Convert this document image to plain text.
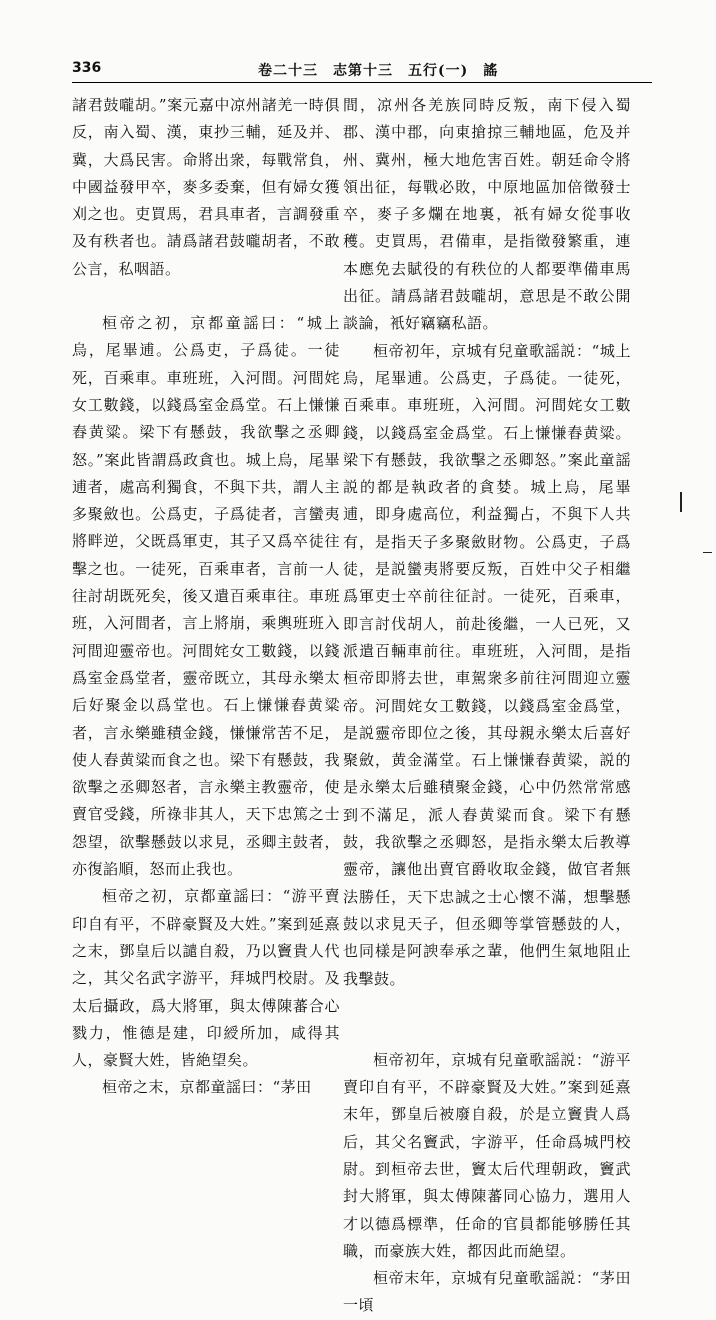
336	卷二十三　志第十三　五行(一)　謠

諸君鼓嚨胡。”案元嘉中凉州諸羌一時俱反，南入蜀、漢，東抄三輔，延及并、冀，大爲民害。命將出衆，每戰常負，中國益發甲卒，麥多委棄，但有婦女獲刈之也。吏買馬，君具車者，言調發重及有秩者也。請爲諸君鼓嚨胡者，不敢公言，私咽語。

桓帝之初，京都童謡曰：“城上烏，尾畢逋。公爲吏，子爲徒。一徒死，百乘車。車班班，入河間。河間姹女工數錢，以錢爲室金爲堂。石上慊慊舂黄粱。梁下有懸鼓，我欲擊之丞卿怒。”案此皆謂爲政貪也。城上烏，尾畢逋者，處高利獨食，不與下共，謂人主多聚斂也。公爲吏，子爲徒者，言蠻夷將畔逆，父既爲軍吏，其子又爲卒徒往擊之也。一徒死，百乘車者，言前一人往討胡既死矣，後又遣百乘車往。車班班，入河間者，言上將崩，乘輿班班入河間迎靈帝也。河間姹女工數錢，以錢爲室金爲堂者，靈帝既立，其母永樂太后好聚金以爲堂也。石上慊慊舂黄粱者，言永樂雖積金錢，慊慊常苦不足，使人舂黄粱而食之也。梁下有懸鼓，我欲擊之丞卿怒者，言永樂主教靈帝，使賣官受錢，所祿非其人，天下忠篤之士怨望，欲擊懸鼓以求見，丞卿主鼓者，亦復諂順，怒而止我也。

桓帝之初，京都童謡曰：“游平賣印自有平，不辟豪賢及大姓。”案到延熹之末，鄧皇后以譴自殺，乃以竇貴人代之，其父名武字游平，拜城門校尉。及太后攝政，爲大將軍，與太傅陳蕃合心戮力，惟德是建，印綬所加，咸得其人，豪賢大姓，皆絶望矣。

桓帝之末，京都童謡曰：“茅田

間，凉州各羌族同時反叛，南下侵入蜀郡、漢中郡，向東搶掠三輔地區，危及并州、冀州，極大地危害百姓。朝廷命令將領出征，每戰必敗，中原地區加倍徵發士卒，麥子多爛在地裏，祇有婦女從事收穫。吏買馬，君備車，是指徵發繁重，連本應免去賦役的有秩位的人都要準備車馬出征。請爲諸君鼓嚨胡，意思是不敢公開談論，衹好竊竊私語。

桓帝初年，京城有兒童歌謡説：“城上烏，尾畢逋。公爲吏，子爲徒。一徒死，百乘車。車班班，入河間。河間姹女工數錢，以錢爲室金爲堂。石上慊慊舂黄粱。梁下有懸鼓，我欲擊之丞卿怒。”案此童謡説的都是執政者的貪婪。城上烏，尾畢逋，即身處高位，利益獨占，不與下人共有，是指天子多聚斂財物。公爲吏，子爲徒，是説蠻夷將要反叛，百姓中父子相繼爲軍吏士卒前往征討。一徒死，百乘車，即言討伐胡人，前赴後繼，一人已死，又派遣百輛車前往。車班班，入河間，是指桓帝即將去世，車駕衆多前往河間迎立靈帝。河間姹女工數錢，以錢爲室金爲堂，是説靈帝即位之後，其母親永樂太后喜好聚斂，黄金滿堂。石上慊慊舂黄粱，説的是永樂太后雖積聚金錢，心中仍然常常感到不滿足，派人舂黄粱而食。梁下有懸鼓，我欲擊之丞卿怒，是指永樂太后教導靈帝，讓他出賣官爵收取金錢，做官者無法勝任，天下忠誠之士心懷不滿，想擊懸鼓以求見天子，但丞卿等掌管懸鼓的人，也同樣是阿諛奉承之輩，他們生氣地阻止我擊鼓。

桓帝初年，京城有兒童歌謡説：“游平賣印自有平，不辟豪賢及大姓。”案到延熹末年，鄧皇后被廢自殺，於是立竇貴人爲后，其父名竇武，字游平，任命爲城門校尉。到桓帝去世，竇太后代理朝政，竇武封大將軍，與太傅陳蕃同心協力，選用人才以德爲標準，任命的官員都能够勝任其職，而豪族大姓，都因此而絶望。

桓帝末年，京城有兒童歌謡説：“茅田一頃
